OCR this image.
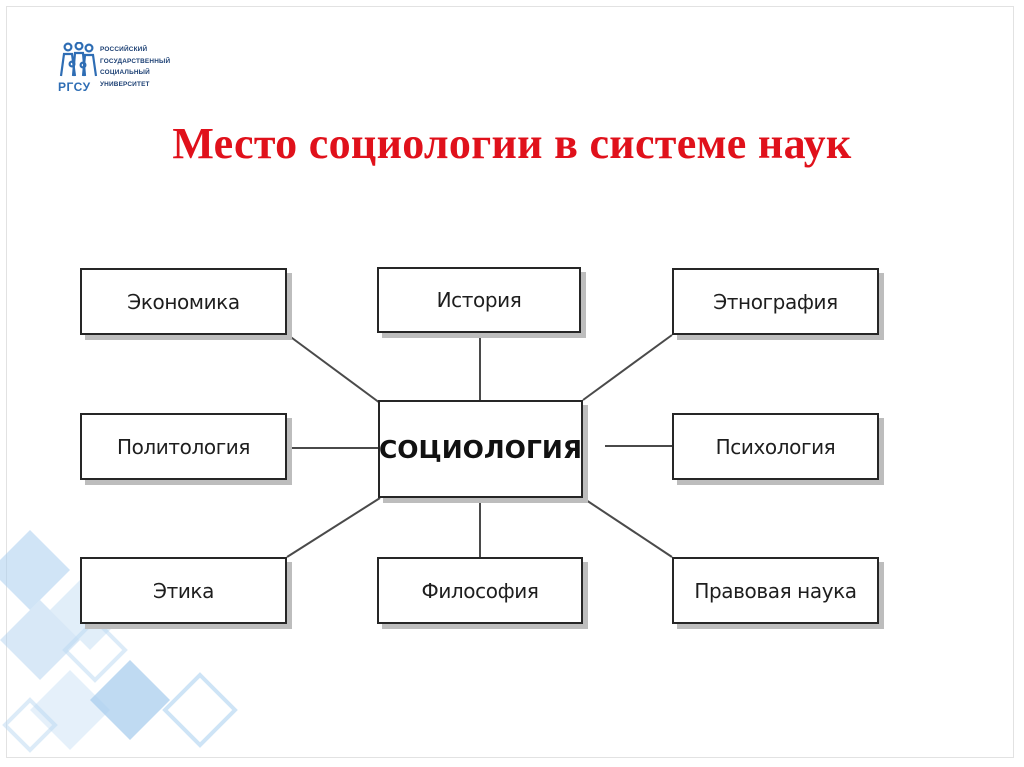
РГСУ
РОССИЙСКИЙ
ГОСУДАРСТВЕННЫЙ
СОЦИАЛЬНЫЙ
УНИВЕРСИТЕТ
Место социологии в системе наук
Экономика	История	Этнография
Политология	СОЦИОЛОГИЯ	Психология
Этика	Философия	Правовая наука
